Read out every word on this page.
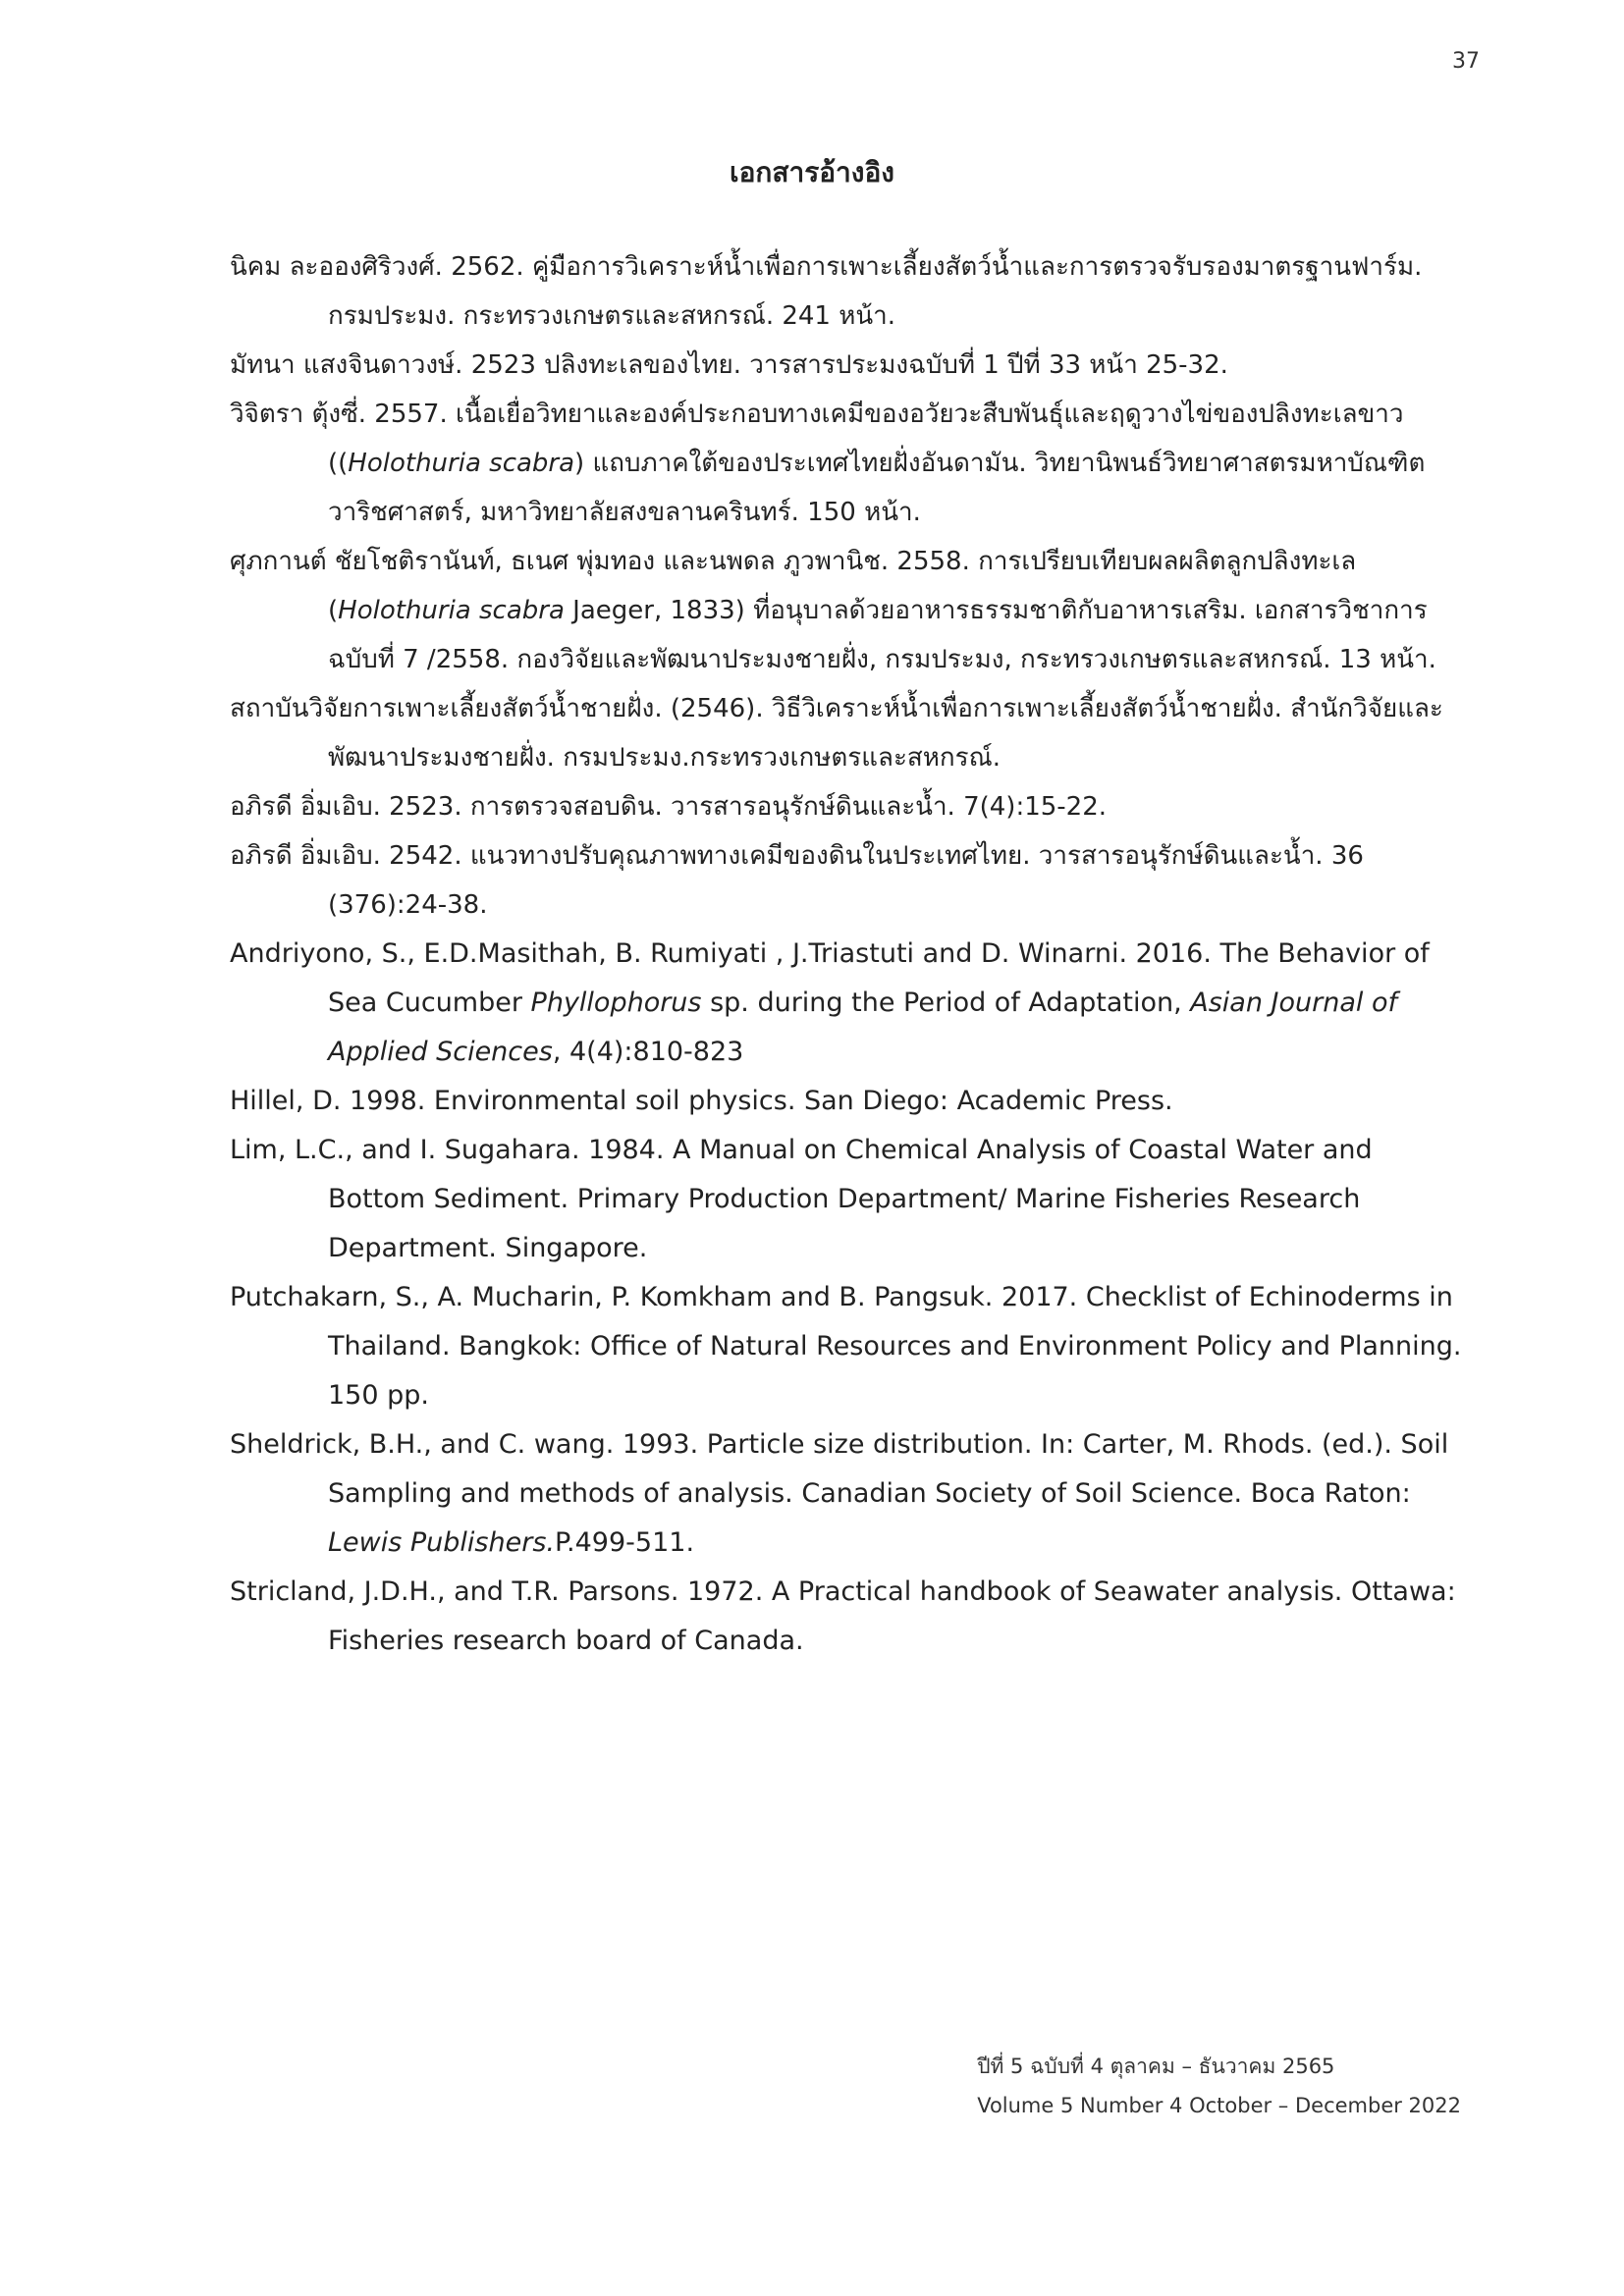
37
เอกสารอ้างอิง

นิคม ละอองศิริวงศ์. 2562. คู่มือการวิเคราะห์น้ำเพื่อการเพาะเลี้ยงสัตว์น้ำและการตรวจรับรองมาตรฐานฟาร์ม. กรมประมง. กระทรวงเกษตรและสหกรณ์. 241 หน้า.

มัทนา แสงจินดาวงษ์. 2523 ปลิงทะเลของไทย. วารสารประมงฉบับที่ 1 ปีที่ 33 หน้า 25-32.

วิจิตรา ตุ้งซี่. 2557. เนื้อเยื่อวิทยาและองค์ประกอบทางเคมีของอวัยวะสืบพันธุ์และฤดูวางไข่ของปลิงทะเลขาว ((Holothuria scabra) แถบภาคใต้ของประเทศไทยฝั่งอันดามัน. วิทยานิพนธ์วิทยาศาสตรมหาบัณฑิต วาริชศาสตร์, มหาวิทยาลัยสงขลานครินทร์. 150 หน้า.

ศุภกานต์ ชัยโชติรานันท์, ธเนศ พุ่มทอง และนพดล ภูวพานิช. 2558. การเปรียบเทียบผลผลิตลูกปลิงทะเล (Holothuria scabra Jaeger, 1833) ที่อนุบาลด้วยอาหารธรรมชาติกับอาหารเสริม. เอกสารวิชาการ ฉบับที่ 7 /2558. กองวิจัยและพัฒนาประมงชายฝั่ง, กรมประมง, กระทรวงเกษตรและสหกรณ์. 13 หน้า.

สถาบันวิจัยการเพาะเลี้ยงสัตว์น้ำชายฝั่ง. (2546). วิธีวิเคราะห์น้ำเพื่อการเพาะเลี้ยงสัตว์น้ำชายฝั่ง. สำนักวิจัยและพัฒนาประมงชายฝั่ง. กรมประมง.กระทรวงเกษตรและสหกรณ์.

อภิรดี อิ่มเอิบ. 2523. การตรวจสอบดิน. วารสารอนุรักษ์ดินและน้ำ. 7(4):15-22.

อภิรดี อิ่มเอิบ. 2542. แนวทางปรับคุณภาพทางเคมีของดินในประเทศไทย. วารสารอนุรักษ์ดินและน้ำ. 36 (376):24-38.

Andriyono, S., E.D.Masithah, B. Rumiyati , J.Triastuti and D. Winarni. 2016. The Behavior of Sea Cucumber Phyllophorus sp. during the Period of Adaptation, Asian Journal of Applied Sciences, 4(4):810-823

Hillel, D. 1998. Environmental soil physics. San Diego: Academic Press.

Lim, L.C., and I. Sugahara. 1984. A Manual on Chemical Analysis of Coastal Water and Bottom Sediment. Primary Production Department/ Marine Fisheries Research Department. Singapore.

Putchakarn, S., A. Mucharin, P. Komkham and B. Pangsuk. 2017. Checklist of Echinoderms in Thailand. Bangkok: Office of Natural Resources and Environment Policy and Planning. 150 pp.

Sheldrick, B.H., and C. wang. 1993. Particle size distribution. In: Carter, M. Rhods. (ed.). Soil Sampling and methods of analysis. Canadian Society of Soil Science. Boca Raton: Lewis Publishers.P.499-511.

Stricland, J.D.H., and T.R. Parsons. 1972. A Practical handbook of Seawater analysis. Ottawa: Fisheries research board of Canada.

ปีที่ 5 ฉบับที่ 4 ตุลาคม – ธันวาคม 2565
Volume 5 Number 4 October – December 2022
